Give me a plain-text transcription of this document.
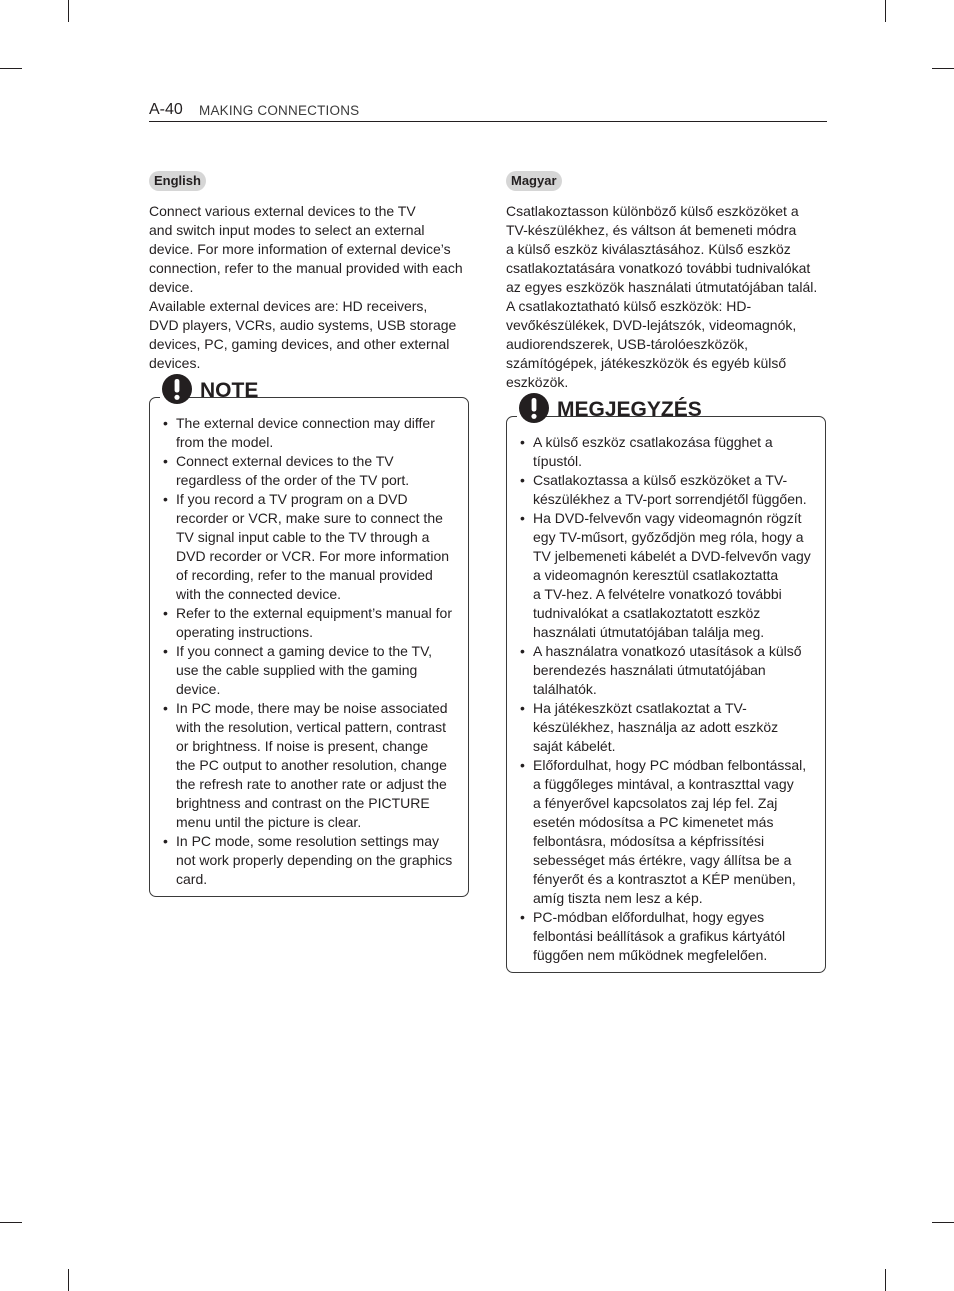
A-40 MAKING CONNECTIONS
English

Connect various external devices to the TV
and switch input modes to select an external
device. For more information of external device’s
connection, refer to the manual provided with each
device.
Available external devices are: HD receivers,
DVD players, VCRs, audio systems, USB storage
devices, PC, gaming devices, and other external
devices.

NOTE
• The external device connection may differ
from the model.
• Connect external devices to the TV
regardless of the order of the TV port.
• If you record a TV program on a DVD
recorder or VCR, make sure to connect the
TV signal input cable to the TV through a
DVD recorder or VCR. For more information
of recording, refer to the manual provided
with the connected device.
• Refer to the external equipment’s manual for
operating instructions.
• If you connect a gaming device to the TV,
use the cable supplied with the gaming
device.
• In PC mode, there may be noise associated
with the resolution, vertical pattern, contrast
or brightness. If noise is present, change
the PC output to another resolution, change
the refresh rate to another rate or adjust the
brightness and contrast on the PICTURE
menu until the picture is clear.
• In PC mode, some resolution settings may
not work properly depending on the graphics
card.
Magyar

Csatlakoztasson különböző külső eszközöket a
TV-készülékhez, és váltson át bemeneti módra
a külső eszköz kiválasztásához. Külső eszköz
csatlakoztatására vonatkozó további tudnivalókat
az egyes eszközök használati útmutatójában talál.
A csatlakoztatható külső eszközök: HD-
vevőkészülékek, DVD-lejátszók, videomagnók,
audiorendszerek, USB-tárolóeszközök,
számítógépek, játékeszközök és egyéb külső
eszközök.

MEGJEGYZÉS
• A külső eszköz csatlakozása függhet a
típustól.
• Csatlakoztassa a külső eszközöket a TV-
készülékhez a TV-port sorrendjétől függően.
• Ha DVD-felvevőn vagy videomagnón rögzít
egy TV-műsort, győződjön meg róla, hogy a
TV jelbemeneti kábelét a DVD-felvevőn vagy
a videomagnón keresztül csatlakoztatta
a TV-hez. A felvételre vonatkozó további
tudnivalókat a csatlakoztatott eszköz
használati útmutatójában találja meg.
• A használatra vonatkozó utasítások a külső
berendezés használati útmutatójában
találhatók.
• Ha játékeszközt csatlakoztat a TV-
készülékhez, használja az adott eszköz
saját kábelét.
• Előfordulhat, hogy PC módban felbontással,
a függőleges mintával, a kontraszttal vagy
a fényerővel kapcsolatos zaj lép fel. Zaj
esetén módosítsa a PC kimenetet más
felbontásra, módosítsa a képfrissítési
sebességet más értékre, vagy állítsa be a
fényerőt és a kontrasztot a KÉP menüben,
amíg tiszta nem lesz a kép.
• PC-módban előfordulhat, hogy egyes
felbontási beállítások a grafikus kártyától
függően nem működnek megfelelően.
